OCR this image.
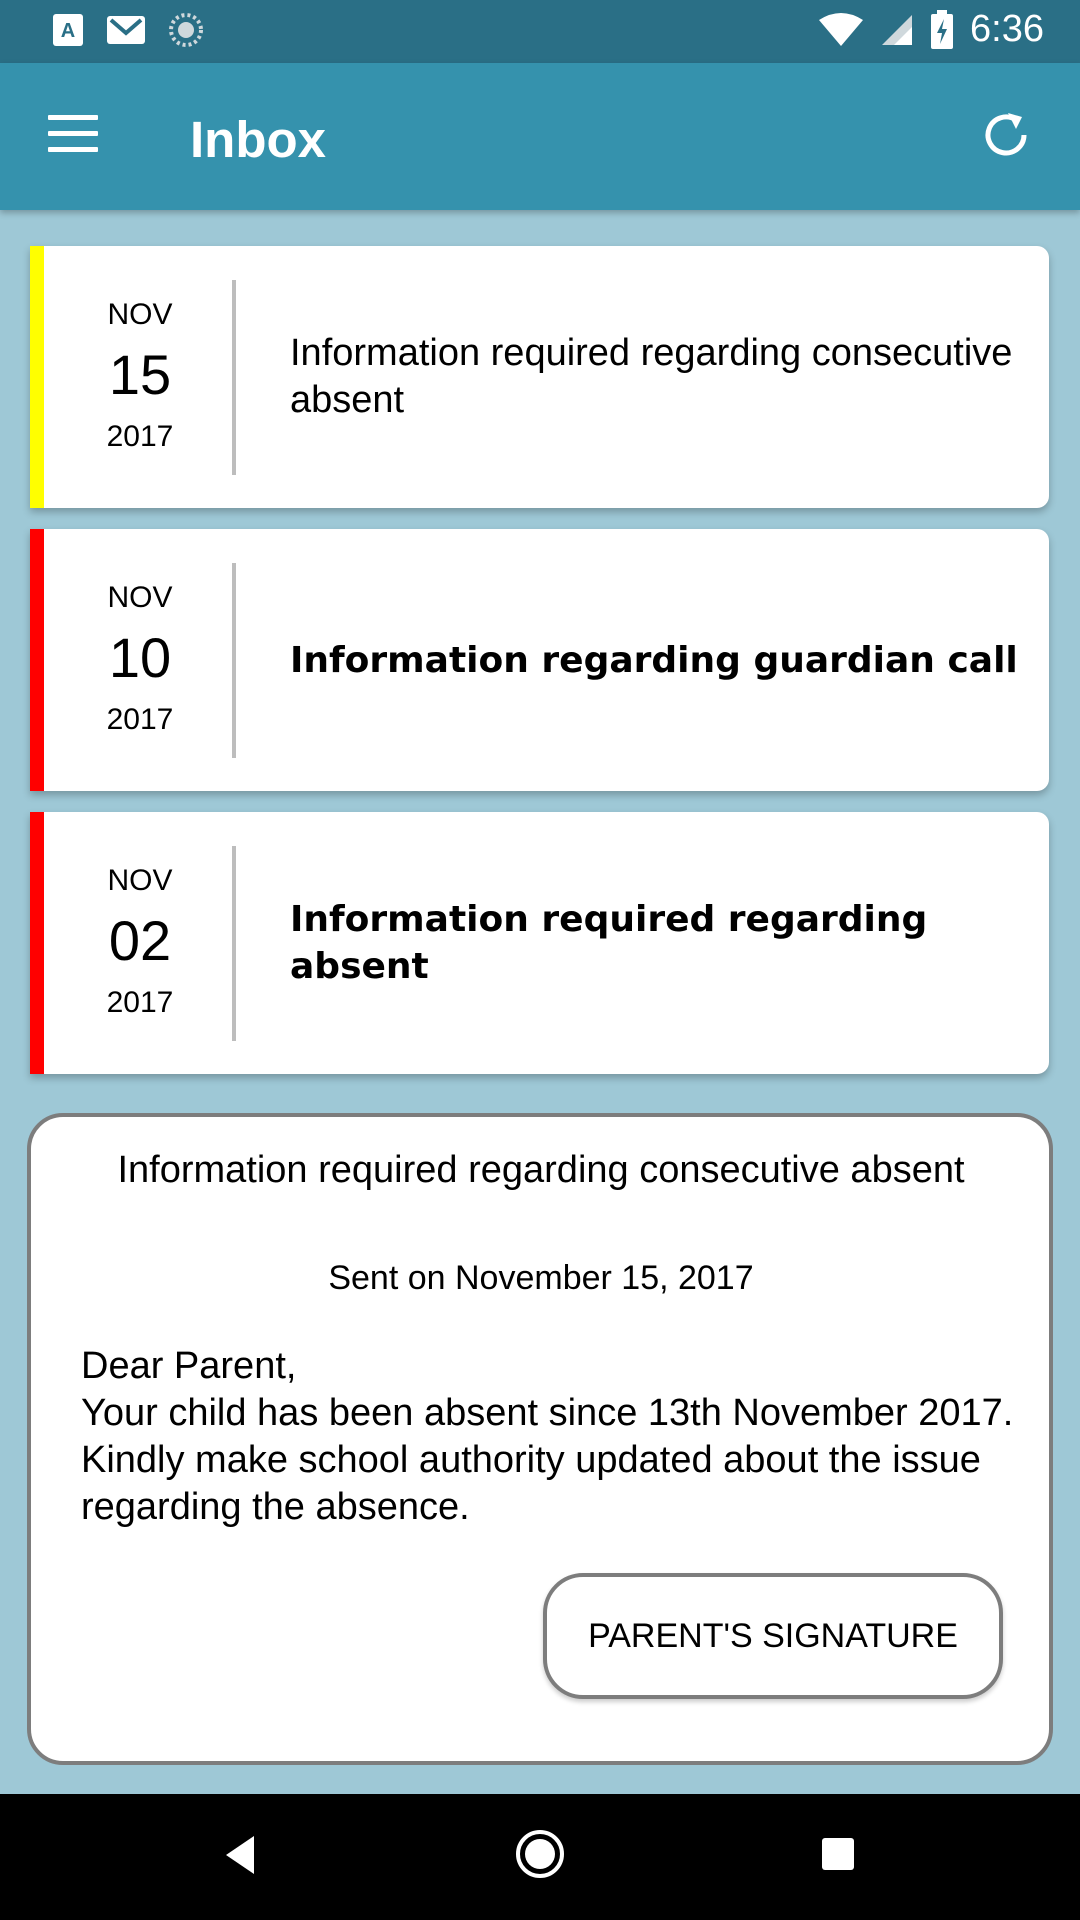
A	6:36
Inbox
NOV
15
2017
Information required regarding consecutive absent
NOV
10
2017
Information regarding guardian call
NOV
02
2017
Information required regarding absent
Information required regarding consecutive absent
Sent on November 15, 2017
Dear Parent,
Your child has been absent since 13th November 2017. Kindly make school authority updated about the issue regarding the absence.
PARENT'S SIGNATURE
